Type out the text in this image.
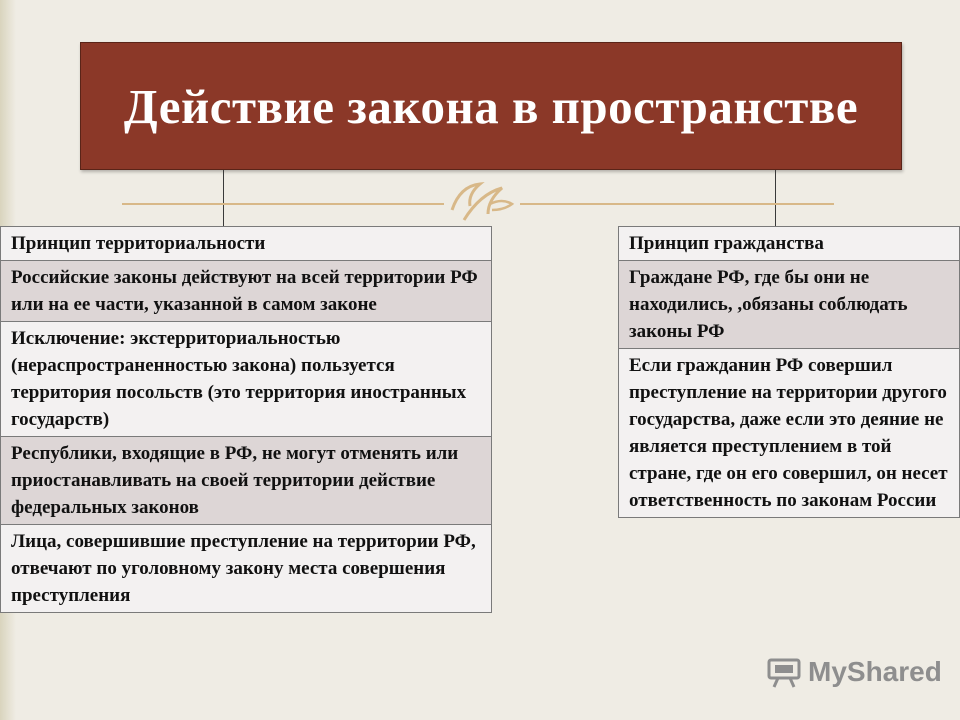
Действие закона в пространстве
Принцип территориальности
Российские законы действуют на всей территории РФ или на ее части, указанной в самом законе
Исключение: экстерриториальностью (нераспространенностью закона) пользуется территория посольств (это территория иностранных государств)
Республики, входящие в РФ, не могут отменять или приостанавливать на своей территории действие федеральных законов
Лица, совершившие преступление на территории РФ, отвечают по уголовному закону места совершения преступления
Принцип гражданства
Граждане РФ, где бы они не находились, ,обязаны соблюдать законы РФ
Если гражданин РФ совершил преступление на территории другого государства, даже если это деяние не является преступлением в той стране, где он его совершил, он несет ответственность по законам России
MyShared
